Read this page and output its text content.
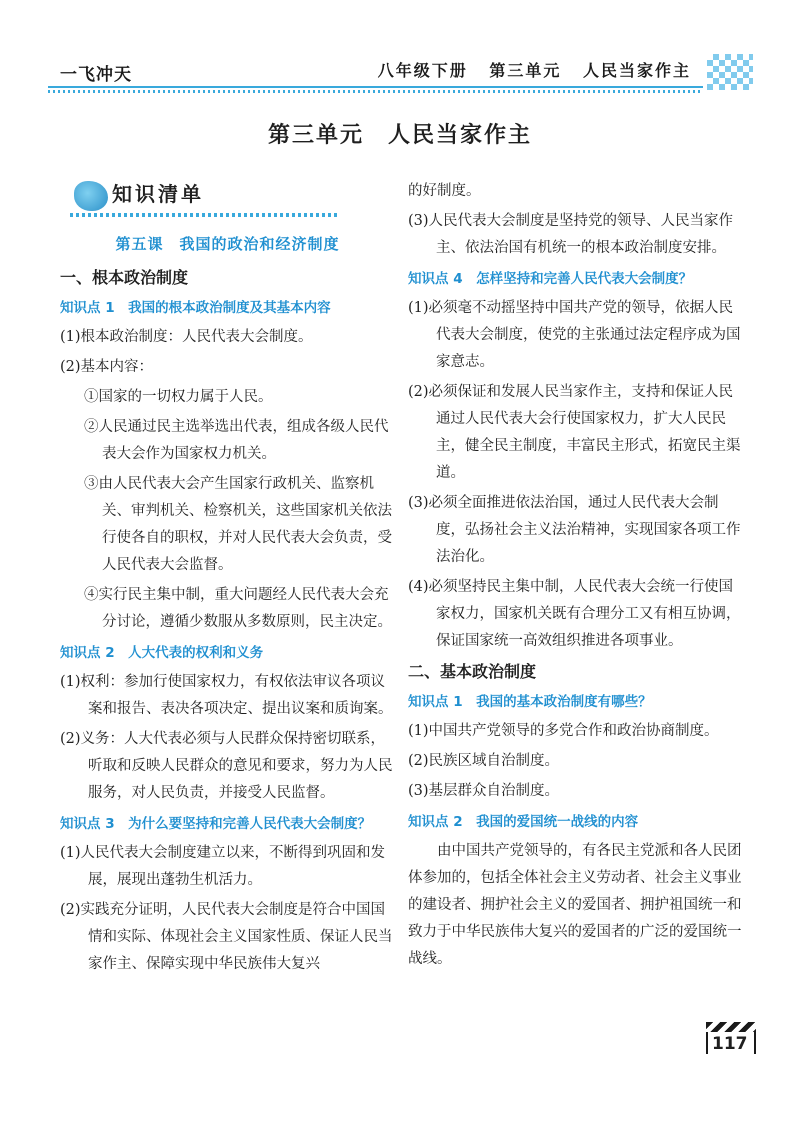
一飞冲天	八年级下册 第三单元 人民当家作主
第三单元　人民当家作主
知识清单
第五课　我国的政治和经济制度
一、根本政治制度
知识点 1　我国的根本政治制度及其基本内容

(1)根本政治制度：人民代表大会制度。

(2)基本内容：

①国家的一切权力属于人民。

②人民通过民主选举选出代表，组成各级人民代表大会作为国家权力机关。

③由人民代表大会产生国家行政机关、监察机关、审判机关、检察机关，这些国家机关依法行使各自的职权，并对人民代表大会负责，受人民代表大会监督。

④实行民主集中制，重大问题经人民代表大会充分讨论，遵循少数服从多数原则，民主决定。

知识点 2　人大代表的权利和义务

(1)权利：参加行使国家权力，有权依法审议各项议案和报告、表决各项决定、提出议案和质询案。

(2)义务：人大代表必须与人民群众保持密切联系，听取和反映人民群众的意见和要求，努力为人民服务，对人民负责，并接受人民监督。

知识点 3　为什么要坚持和完善人民代表大会制度？

(1)人民代表大会制度建立以来，不断得到巩固和发展，展现出蓬勃生机活力。

(2)实践充分证明，人民代表大会制度是符合中国国情和实际、体现社会主义国家性质、保证人民当家作主、保障实现中华民族伟大复兴

的好制度。

(3)人民代表大会制度是坚持党的领导、人民当家作主、依法治国有机统一的根本政治制度安排。

知识点 4　怎样坚持和完善人民代表大会制度？

(1)必须毫不动摇坚持中国共产党的领导，依据人民代表大会制度，使党的主张通过法定程序成为国家意志。

(2)必须保证和发展人民当家作主，支持和保证人民通过人民代表大会行使国家权力，扩大人民民主，健全民主制度，丰富民主形式，拓宽民主渠道。

(3)必须全面推进依法治国，通过人民代表大会制度，弘扬社会主义法治精神，实现国家各项工作法治化。

(4)必须坚持民主集中制，人民代表大会统一行使国家权力，国家机关既有合理分工又有相互协调，保证国家统一高效组织推进各项事业。

二、基本政治制度
知识点 1　我国的基本政治制度有哪些？

(1)中国共产党领导的多党合作和政治协商制度。

(2)民族区域自治制度。

(3)基层群众自治制度。

知识点 2　我国的爱国统一战线的内容

由中国共产党领导的，有各民主党派和各人民团体参加的，包括全体社会主义劳动者、社会主义事业的建设者、拥护社会主义的爱国者、拥护祖国统一和致力于中华民族伟大复兴的爱国者的广泛的爱国统一战线。

117
